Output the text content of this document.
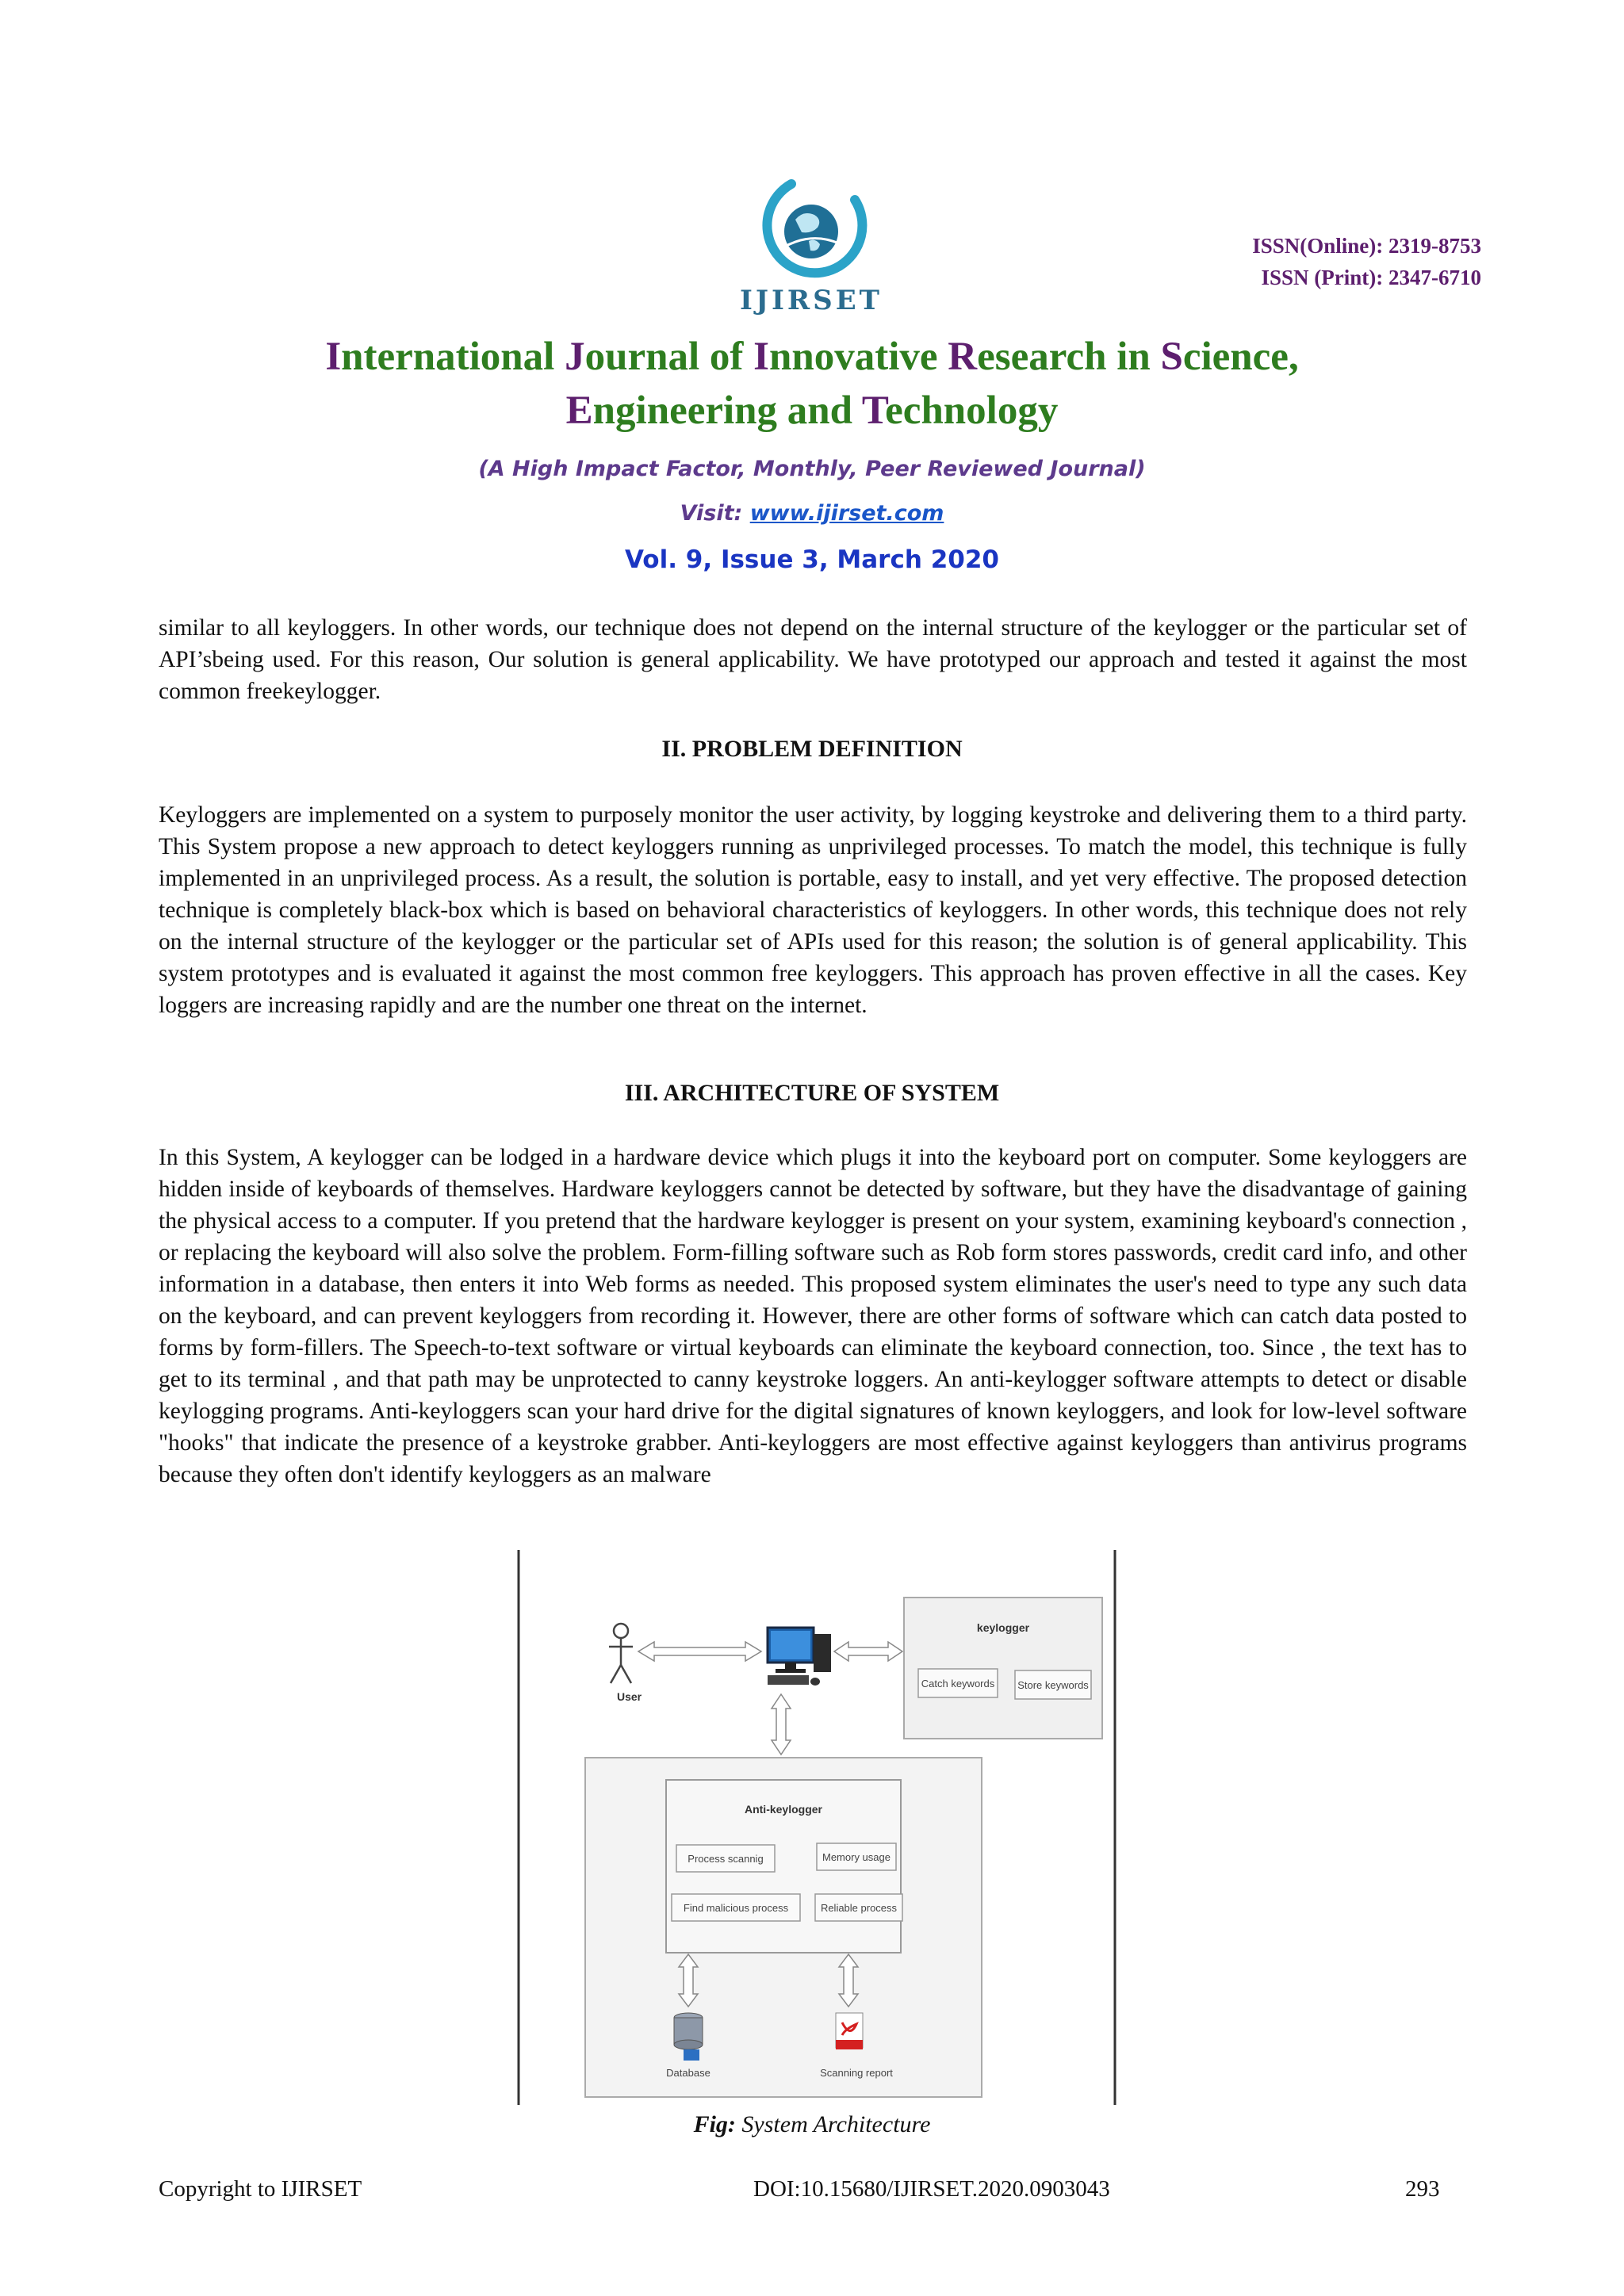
IJIRSET
ISSN(Online): 2319-8753
ISSN (Print): 2347-6710
International Journal of Innovative Research in Science,
Engineering and Technology
(A High Impact Factor, Monthly, Peer Reviewed Journal)
Visit: www.ijirset.com
Vol. 9, Issue 3, March 2020
similar to all keyloggers. In other words, our technique does not depend on the internal structure of the keylogger or the particular set of API’sbeing used. For this reason, Our solution is general applicability. We have prototyped our approach and tested it against the most common freekeylogger.
II. PROBLEM DEFINITION
Keyloggers are implemented on a system to purposely monitor the user activity, by logging keystroke and delivering them to a third party. This System propose a new approach to detect keyloggers running as unprivileged processes. To match the model, this technique is fully implemented in an unprivileged process. As a result, the solution is portable, easy to install, and yet very effective. The proposed detection technique is completely black-box which is based on behavioral characteristics of keyloggers. In other words, this technique does not rely on the internal structure of the keylogger or the particular set of APIs used for this reason; the solution is of general applicability. This system prototypes and is evaluated it against the most common free keyloggers. This approach has proven effective in all the cases. Key loggers are increasing rapidly and are the number one threat on the internet.
III. ARCHITECTURE OF SYSTEM
In this System, A keylogger can be lodged in a hardware device which plugs it into the keyboard port on computer. Some keyloggers are hidden inside of keyboards of themselves. Hardware keyloggers cannot be detected by software, but they have the disadvantage of gaining the physical access to a computer. If you pretend that the hardware keylogger is present on your system, examining keyboard's connection , or replacing the keyboard will also solve the problem. Form-filling software such as Rob form stores passwords, credit card info, and other information in a database, then enters it into Web forms as needed. This proposed system eliminates the user's need to type any such data on the keyboard, and can prevent keyloggers from recording it. However, there are other forms of software which can catch data posted to forms by form-fillers. The Speech-to-text software or virtual keyboards can eliminate the keyboard connection, too. Since , the text has to get to its terminal , and that path may be unprotected to canny keystroke loggers. An anti-keylogger software attempts to detect or disable keylogging programs. Anti-keyloggers scan your hard drive for the digital signatures of known keyloggers, and look for low-level software "hooks" that indicate the presence of a keystroke grabber. Anti-keyloggers are most effective against keyloggers than antivirus programs because they often don't identify keyloggers as an malware
User
keylogger
Catch keywords Store keywords
Anti-keylogger
Process scannig	Memory usage
Find malicious process	Reliable process
Database	Scanning report
Fig: System Architecture
Copyright to IJIRSET	DOI:10.15680/IJIRSET.2020.0903043	293
